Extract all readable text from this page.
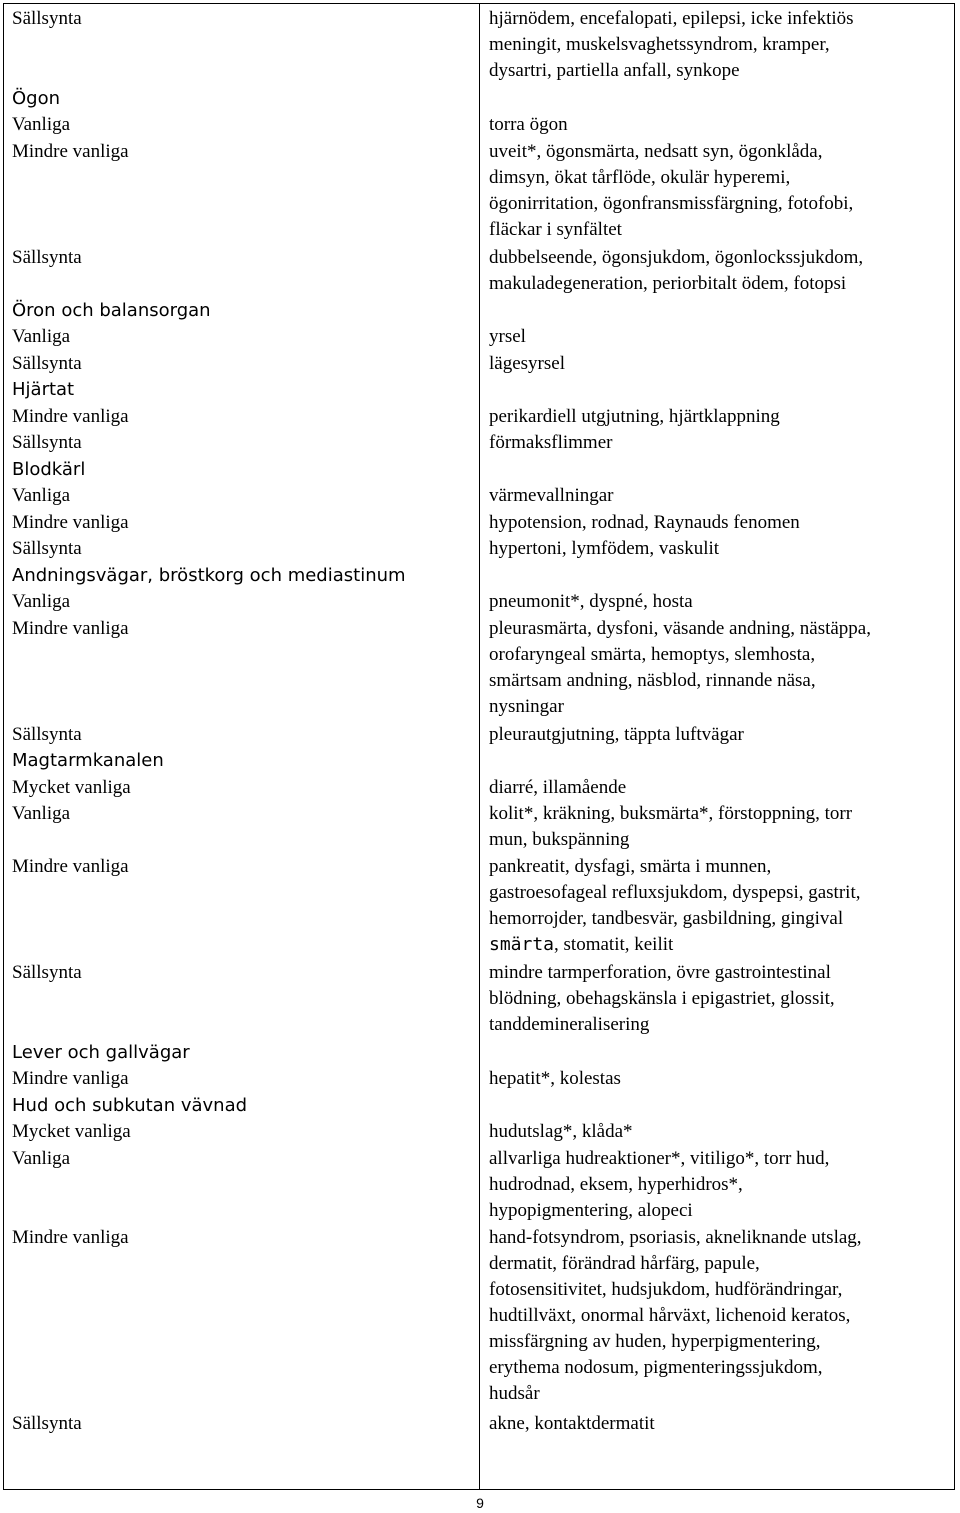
Sällsynta	hjärnödem, encefalopati, epilepsi, icke infektiös
meningit, muskelsvaghetssyndrom, kramper,
dysartri, partiella anfall, synkope
Ögon
Vanliga	torra ögon
Mindre vanliga	uveit*, ögonsmärta, nedsatt syn, ögonklåda,
dimsyn, ökat tårflöde, okulär hyperemi,
ögonirritation, ögonfransmissfärgning, fotofobi,
fläckar i synfältet
Sällsynta	dubbelseende, ögonsjukdom, ögonlockssjukdom,
makuladegeneration, periorbitalt ödem, fotopsi
Öron och balansorgan
Vanliga	yrsel
Sällsynta	lägesyrsel
Hjärtat
Mindre vanliga	perikardiell utgjutning, hjärtklappning
Sällsynta	förmaksflimmer
Blodkärl
Vanliga	värmevallningar
Mindre vanliga	hypotension, rodnad, Raynauds fenomen
Sällsynta	hypertoni, lymfödem, vaskulit
Andningsvägar, bröstkorg och mediastinum
Vanliga	pneumonit*, dyspné, hosta
Mindre vanliga	pleurasmärta, dysfoni, väsande andning, nästäppa,
orofaryngeal smärta, hemoptys, slemhosta,
smärtsam andning, näsblod, rinnande näsa,
nysningar
Sällsynta	pleurautgjutning, täppta luftvägar
Magtarmkanalen
Mycket vanliga	diarré, illamående
Vanliga	kolit*, kräkning, buksmärta*, förstoppning, torr
mun, bukspänning
Mindre vanliga	pankreatit, dysfagi, smärta i munnen,
gastroesofageal refluxsjukdom, dyspepsi, gastrit,
hemorrojder, tandbesvär, gasbildning, gingival
smärta, stomatit, keilit
Sällsynta	mindre tarmperforation, övre gastrointestinal
blödning, obehagskänsla i epigastriet, glossit,
tanddemineralisering
Lever och gallvägar
Mindre vanliga	hepatit*, kolestas
Hud och subkutan vävnad
Mycket vanliga	hudutslag*, klåda*
Vanliga	allvarliga hudreaktioner*, vitiligo*, torr hud,
hudrodnad, eksem, hyperhidros*,
hypopigmentering, alopeci
Mindre vanliga	hand-fotsyndrom, psoriasis, akneliknande utslag,
dermatit, förändrad hårfärg, papule,
fotosensitivitet, hudsjukdom, hudförändringar,
hudtillväxt, onormal hårväxt, lichenoid keratos,
missfärgning av huden, hyperpigmentering,
erythema nodosum, pigmenteringssjukdom,
hudsår
Sällsynta	akne, kontaktdermatit
9
